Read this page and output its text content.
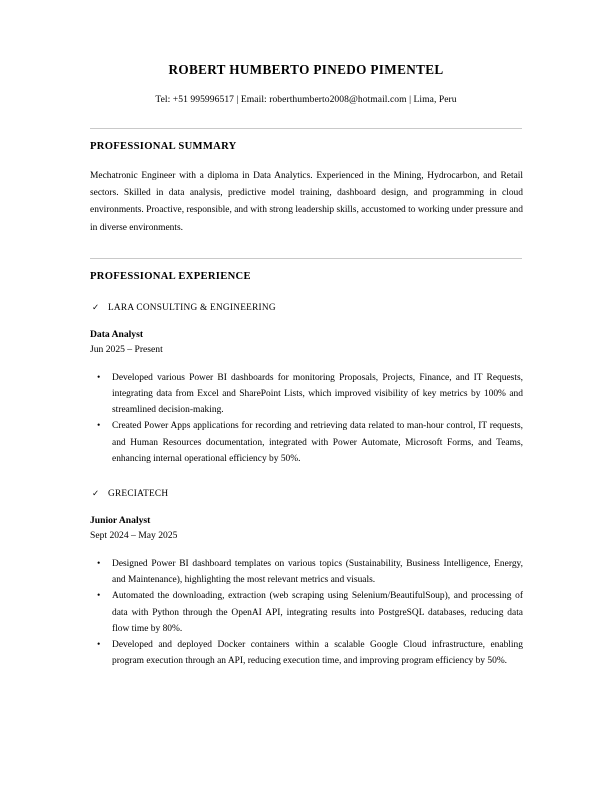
ROBERT HUMBERTO PINEDO PIMENTEL

Tel: +51 995996517 | Email: roberthumberto2008@hotmail.com | Lima, Peru

PROFESSIONAL SUMMARY

Mechatronic Engineer with a diploma in Data Analytics. Experienced in the Mining, Hydrocarbon, and Retail sectors. Skilled in data analysis, predictive model training, dashboard design, and programming in cloud environments. Proactive, responsible, and with strong leadership skills, accustomed to working under pressure and in diverse environments.

PROFESSIONAL EXPERIENCE
✓ LARA CONSULTING & ENGINEERING

Data Analyst

Jun 2025 – Present

•	Developed various Power BI dashboards for monitoring Proposals, Projects, Finance, and IT Requests, integrating data from Excel and SharePoint Lists, which improved visibility of key metrics by 100% and streamlined decision-making.
•	Created Power Apps applications for recording and retrieving data related to man-hour control, IT requests, and Human Resources documentation, integrated with Power Automate, Microsoft Forms, and Teams, enhancing internal operational efficiency by 50%.
✓ GRECIATECH

Junior Analyst

Sept 2024 – May 2025

•	Designed Power BI dashboard templates on various topics (Sustainability, Business Intelligence, Energy, and Maintenance), highlighting the most relevant metrics and visuals.
•	Automated the downloading, extraction (web scraping using Selenium/BeautifulSoup), and processing of data with Python through the OpenAI API, integrating results into PostgreSQL databases, reducing data flow time by 80%.
•	Developed and deployed Docker containers within a scalable Google Cloud infrastructure, enabling program execution through an API, reducing execution time, and improving program efficiency by 50%.
